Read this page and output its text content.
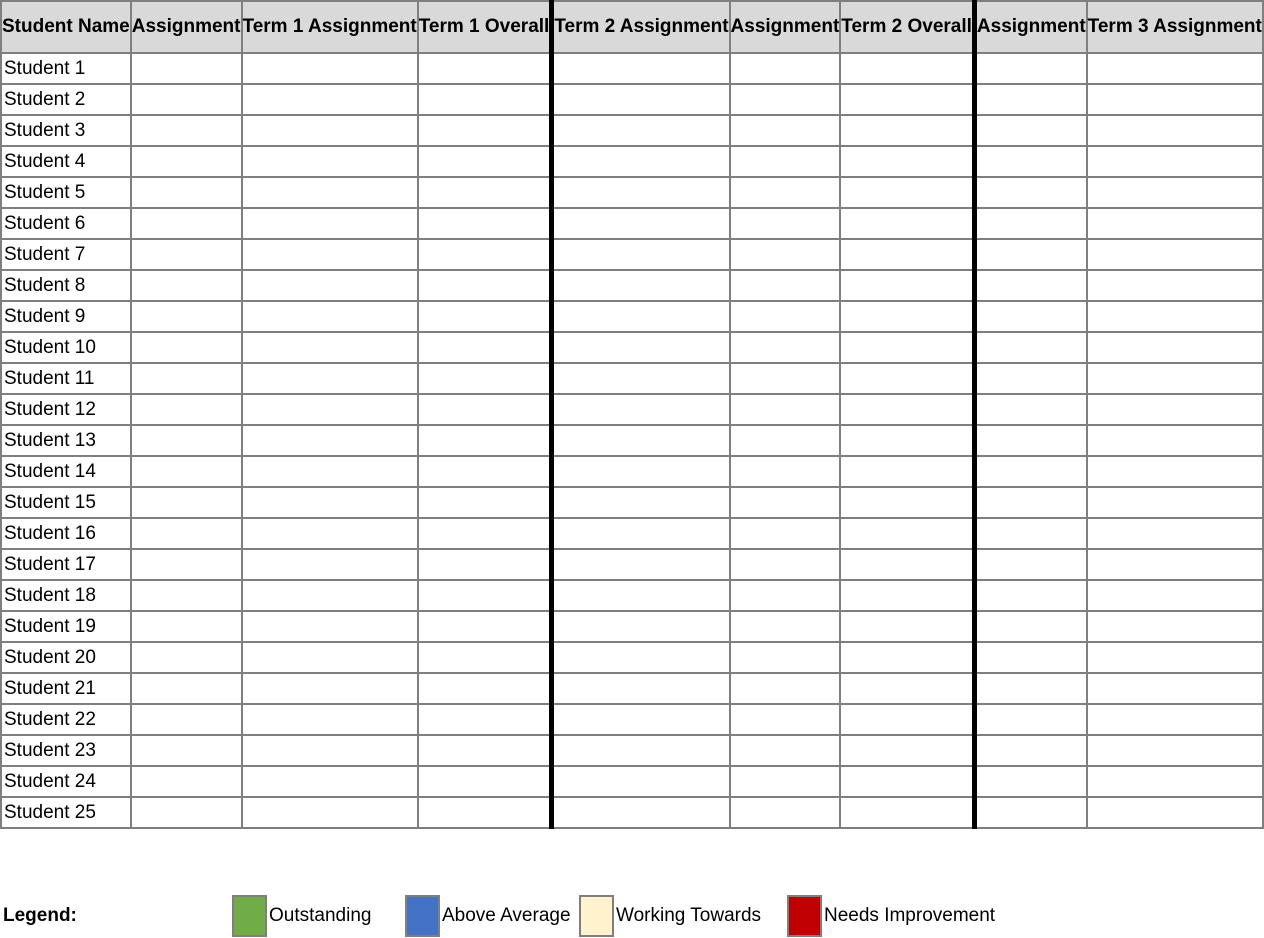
Student Name	Assignment	Term 1 Assignment	Term 1 Overall	Term 2 Assignment	Assignment	Term 2 Overall	Assignment	Term 3 Assignment
Student 1								
Student 2								
Student 3								
Student 4								
Student 5								
Student 6								
Student 7								
Student 8								
Student 9								
Student 10								
Student 11								
Student 12								
Student 13								
Student 14								
Student 15								
Student 16								
Student 17								
Student 18								
Student 19								
Student 20								
Student 21								
Student 22								
Student 23								
Student 24								
Student 25								
Legend:	Outstanding	Above Average Working Towards	Needs Improvement
